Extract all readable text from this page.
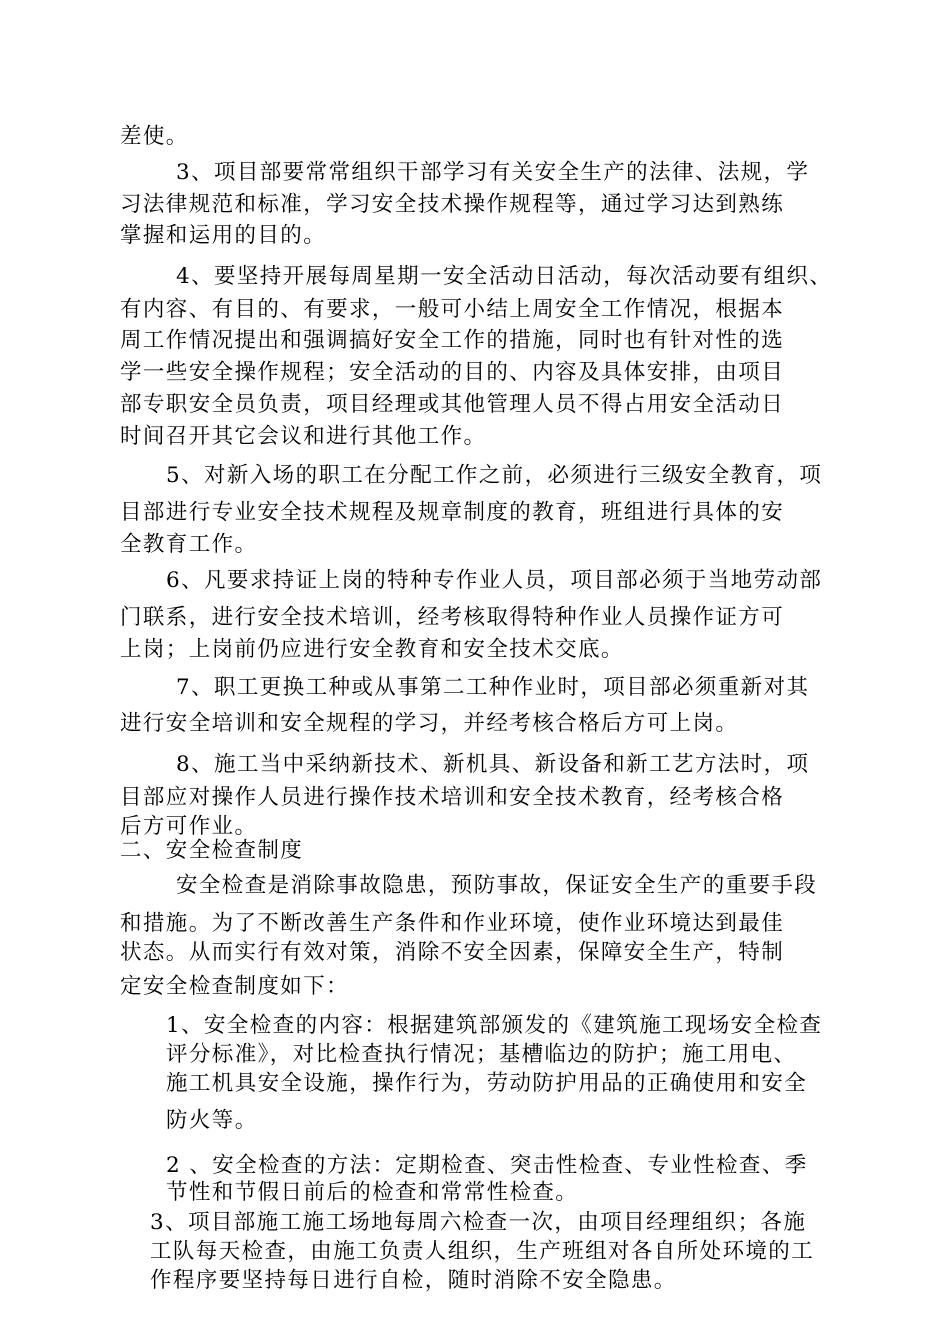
差使。
3、项目部要常常组织干部学习有关安全生产的法律、法规，学
习法律规范和标准，学习安全技术操作规程等，通过学习达到熟练
掌握和运用的目的。
4、要坚持开展每周星期一安全活动日活动，每次活动要有组织、
有内容、有目的、有要求，一般可小结上周安全工作情况，根据本
周工作情况提出和强调搞好安全工作的措施，同时也有针对性的选
学一些安全操作规程；安全活动的目的、内容及具体安排，由项目
部专职安全员负责，项目经理或其他管理人员不得占用安全活动日
时间召开其它会议和进行其他工作。
5、对新入场的职工在分配工作之前，必须进行三级安全教育，项
目部进行专业安全技术规程及规章制度的教育，班组进行具体的安
全教育工作。
6、凡要求持证上岗的特种专作业人员，项目部必须于当地劳动部
门联系，进行安全技术培训，经考核取得特种作业人员操作证方可
上岗；上岗前仍应进行安全教育和安全技术交底。
7、职工更换工种或从事第二工种作业时，项目部必须重新对其
进行安全培训和安全规程的学习，并经考核合格后方可上岗。
8、施工当中采纳新技术、新机具、新设备和新工艺方法时，项
目部应对操作人员进行操作技术培训和安全技术教育，经考核合格
后方可作业。
二、安全检查制度
安全检查是消除事故隐患，预防事故，保证安全生产的重要手段
和措施。为了不断改善生产条件和作业环境，使作业环境达到最佳
状态。从而实行有效对策，消除不安全因素，保障安全生产，特制
定安全检查制度如下：
1、安全检查的内容：根据建筑部颁发的《建筑施工现场安全检查
评分标准》，对比检查执行情况；基槽临边的防护；施工用电、
施工机具安全设施，操作行为，劳动防护用品的正确使用和安全
防火等。
2 、安全检查的方法：定期检查、突击性检查、专业性检查、季
节性和节假日前后的检查和常常性检查。
3、项目部施工施工场地每周六检查一次，由项目经理组织；各施
工队每天检查，由施工负责人组织，生产班组对各自所处环境的工
作程序要坚持每日进行自检，随时消除不安全隐患。
